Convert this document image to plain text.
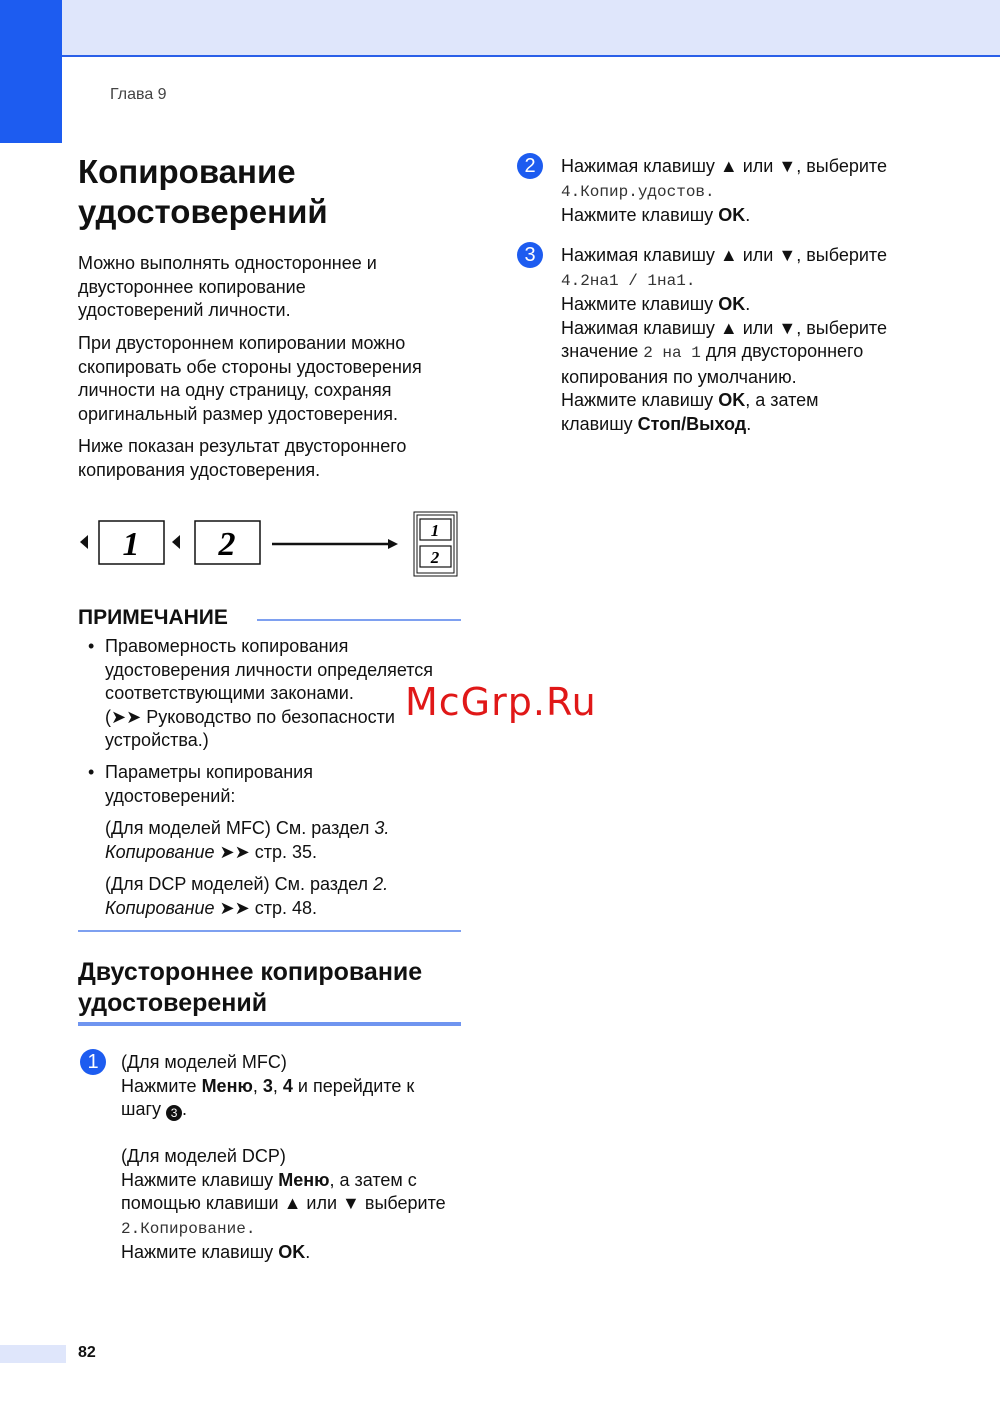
Глава 9
Копирование
удостоверений

Можно выполнять одностороннее и
двустороннее копирование
удостоверений личности.

При двустороннем копировании можно
скопировать обе стороны удостоверения
личности на одну страницу, сохраняя
оригинальный размер удостоверения.

Ниже показан результат двустороннего
копирования удостоверения.

1 2	1
2
ПРИМЕЧАНИЕ
• Правомерность копирования
удостоверения личности определяется
соответствующими законами.
(➤➤ Руководство по безопасности
устройства.)

• Параметры копирования
удостоверений:

(Для моделей MFC) См. раздел 3.
Копирование ➤➤ стр. 35.

(Для DCP моделей) См. раздел 2.
Копирование ➤➤ стр. 48.

Двустороннее копирование
удостоверений
1	(Для моделей MFC)
Нажмите Меню, 3, 4 и перейдите к
шагу 3 .

(Для моделей DCP)
Нажмите клавишу Меню, а затем с
помощью клавиши ▲ или ▼ выберите
2.Копирование.
Нажмите клавишу OK.

2	Нажимая клавишу ▲ или ▼, выберите
4.Копир.удостов.
Нажмите клавишу OK.

3	Нажимая клавишу ▲ или ▼, выберите
4.2на1 / 1на1.
Нажмите клавишу OK.
Нажимая клавишу ▲ или ▼, выберите
значение 2 на 1 для двустороннего
копирования по умолчанию.
Нажмите клавишу OK, а затем
клавишу Стоп/Выход.

McGrp.Ru
82
